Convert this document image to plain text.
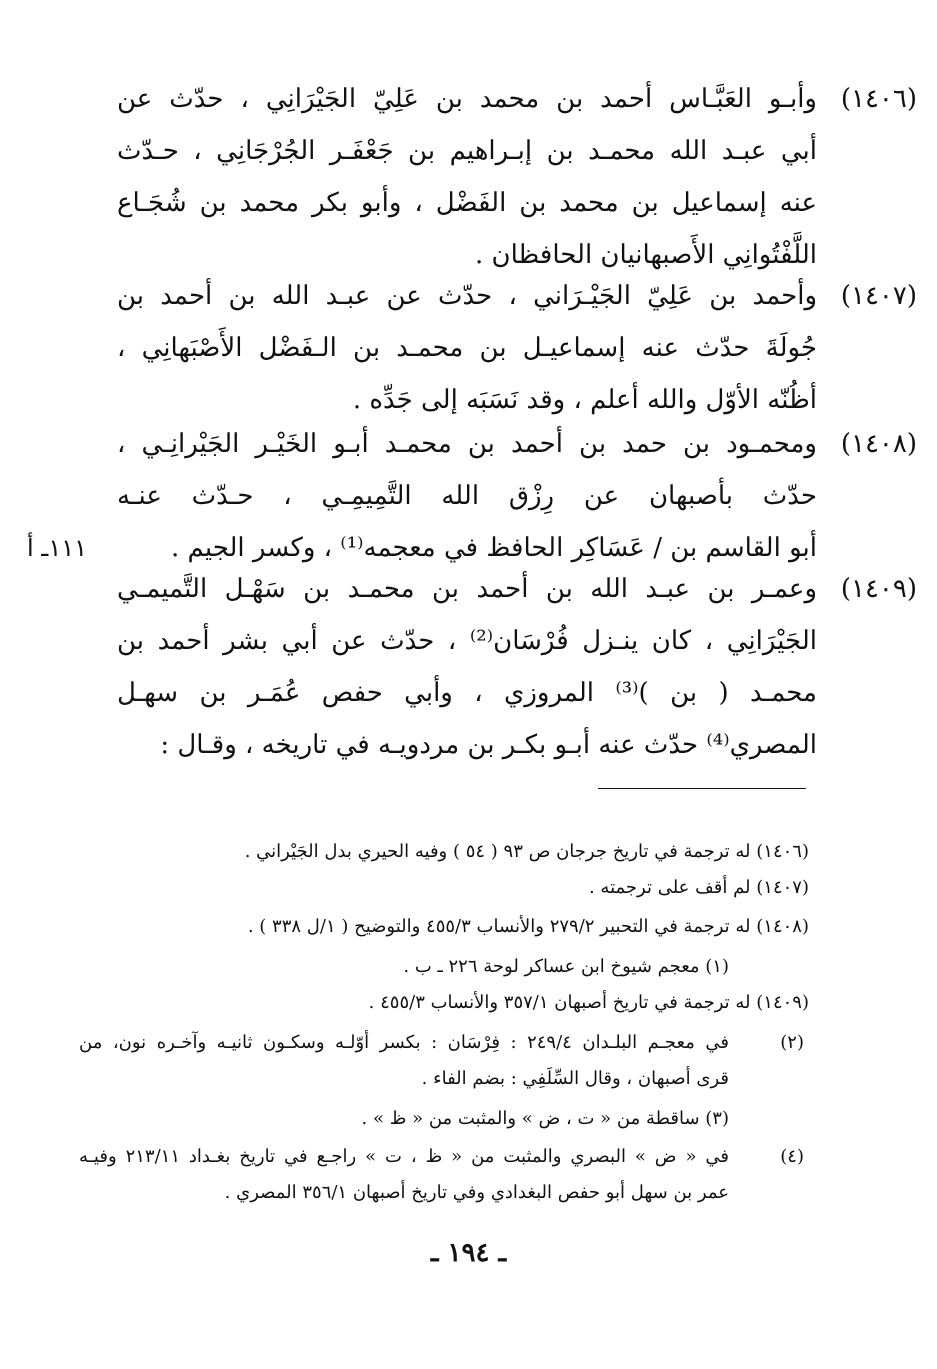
(١٤٠٦)
وأبـو العَبَّـاس أحمد بن محمد بن عَلِيّ الجَيْرَانِي ، حدّث عن
أبي عبـد الله محمـد بن إبـراهيم بن جَعْفَـر الجُرْجَانِي ، حـدّث
عنه إسماعيل بن محمد بن الفَضْل ، وأبو بكر محمد بن شُجَـاع
اللَّفْتُوانِي الأَصبهانيان الحافظان .
(١٤٠٧)
وأحمد بن عَلِيّ الجَيْـرَاني ، حدّث عن عبـد الله بن أحمد بن
جُولَةَ حدّث عنه إسماعيـل بن محمـد بن الـفَضْل الأَصْبَهانِي ،
أظُنّه الأوّل والله أعلم ، وقد نَسَبَه إلى جَدِّه .
(١٤٠٨)
ومحمـود بن حمد بن أحمد بن محمـد أبـو الخَيْـر الجَيْرانِـي ،
حدّث بأصبهان عن رِزْق الله التَّمِيمِـي ، حـدّث عنـه
أبو القاسم بن / عَسَاكِر الحافظ في معجمه⁽¹⁾ ، وكسر الجيم .
١١١ـ أ
(١٤٠٩)
وعمـر بن عبـد الله بن أحمد بن محمـد بن سَهْـل التَّميمـي
الجَيْرَانِي ، كان ينـزل فُرْسَان⁽²⁾ ، حدّث عن أبي بشر أحمد بن
محمـد ( بن )⁽³⁾ المروزي ، وأبي حفص عُمَـر بن سهـل
المصري⁽⁴⁾ حدّث عنه أبـو بكـر بن مردويـه في تاريخه ، وقـال :
(١٤٠٦) له ترجمة في تاريخ جرجان ص ٩٣ ( ٥٤ ) وفيه الحيري بدل الجَيْراني .
(١٤٠٧) لم أقف على ترجمته .
(١٤٠٨) له ترجمة في التحبير ٢٧٩/٢ والأنساب ٤٥٥/٣ والتوضيح ( ١/ل ٣٣٨ ) .
(١) معجم شيوخ ابن عساكر لوحة ٢٢٦ ـ ب .
(١٤٠٩) له ترجمة في تاريخ أصبهان ٣٥٧/١ والأنساب ٤٥٥/٣ .
(٢)
في معجـم البلـدان ٢٤٩/٤ : فِرْسَان : بكسر أوّلـه وسكـون ثانيـه وآخـره نون، من
قرى أصبهان ، وقال السِّلَفِي : بضم الفاء .
(٣) ساقطة من « ت ، ض » والمثبت من « ظ » .
(٤)
في « ض » البصري والمثبت من « ظ ، ت » راجـع في تاريخ بغـداد ٢١٣/١١ وفيـه
عمر بن سهل أبو حفص البغدادي وفي تاريخ أصبهان ٣٥٦/١ المصري .
ـ ١٩٤ ـ
